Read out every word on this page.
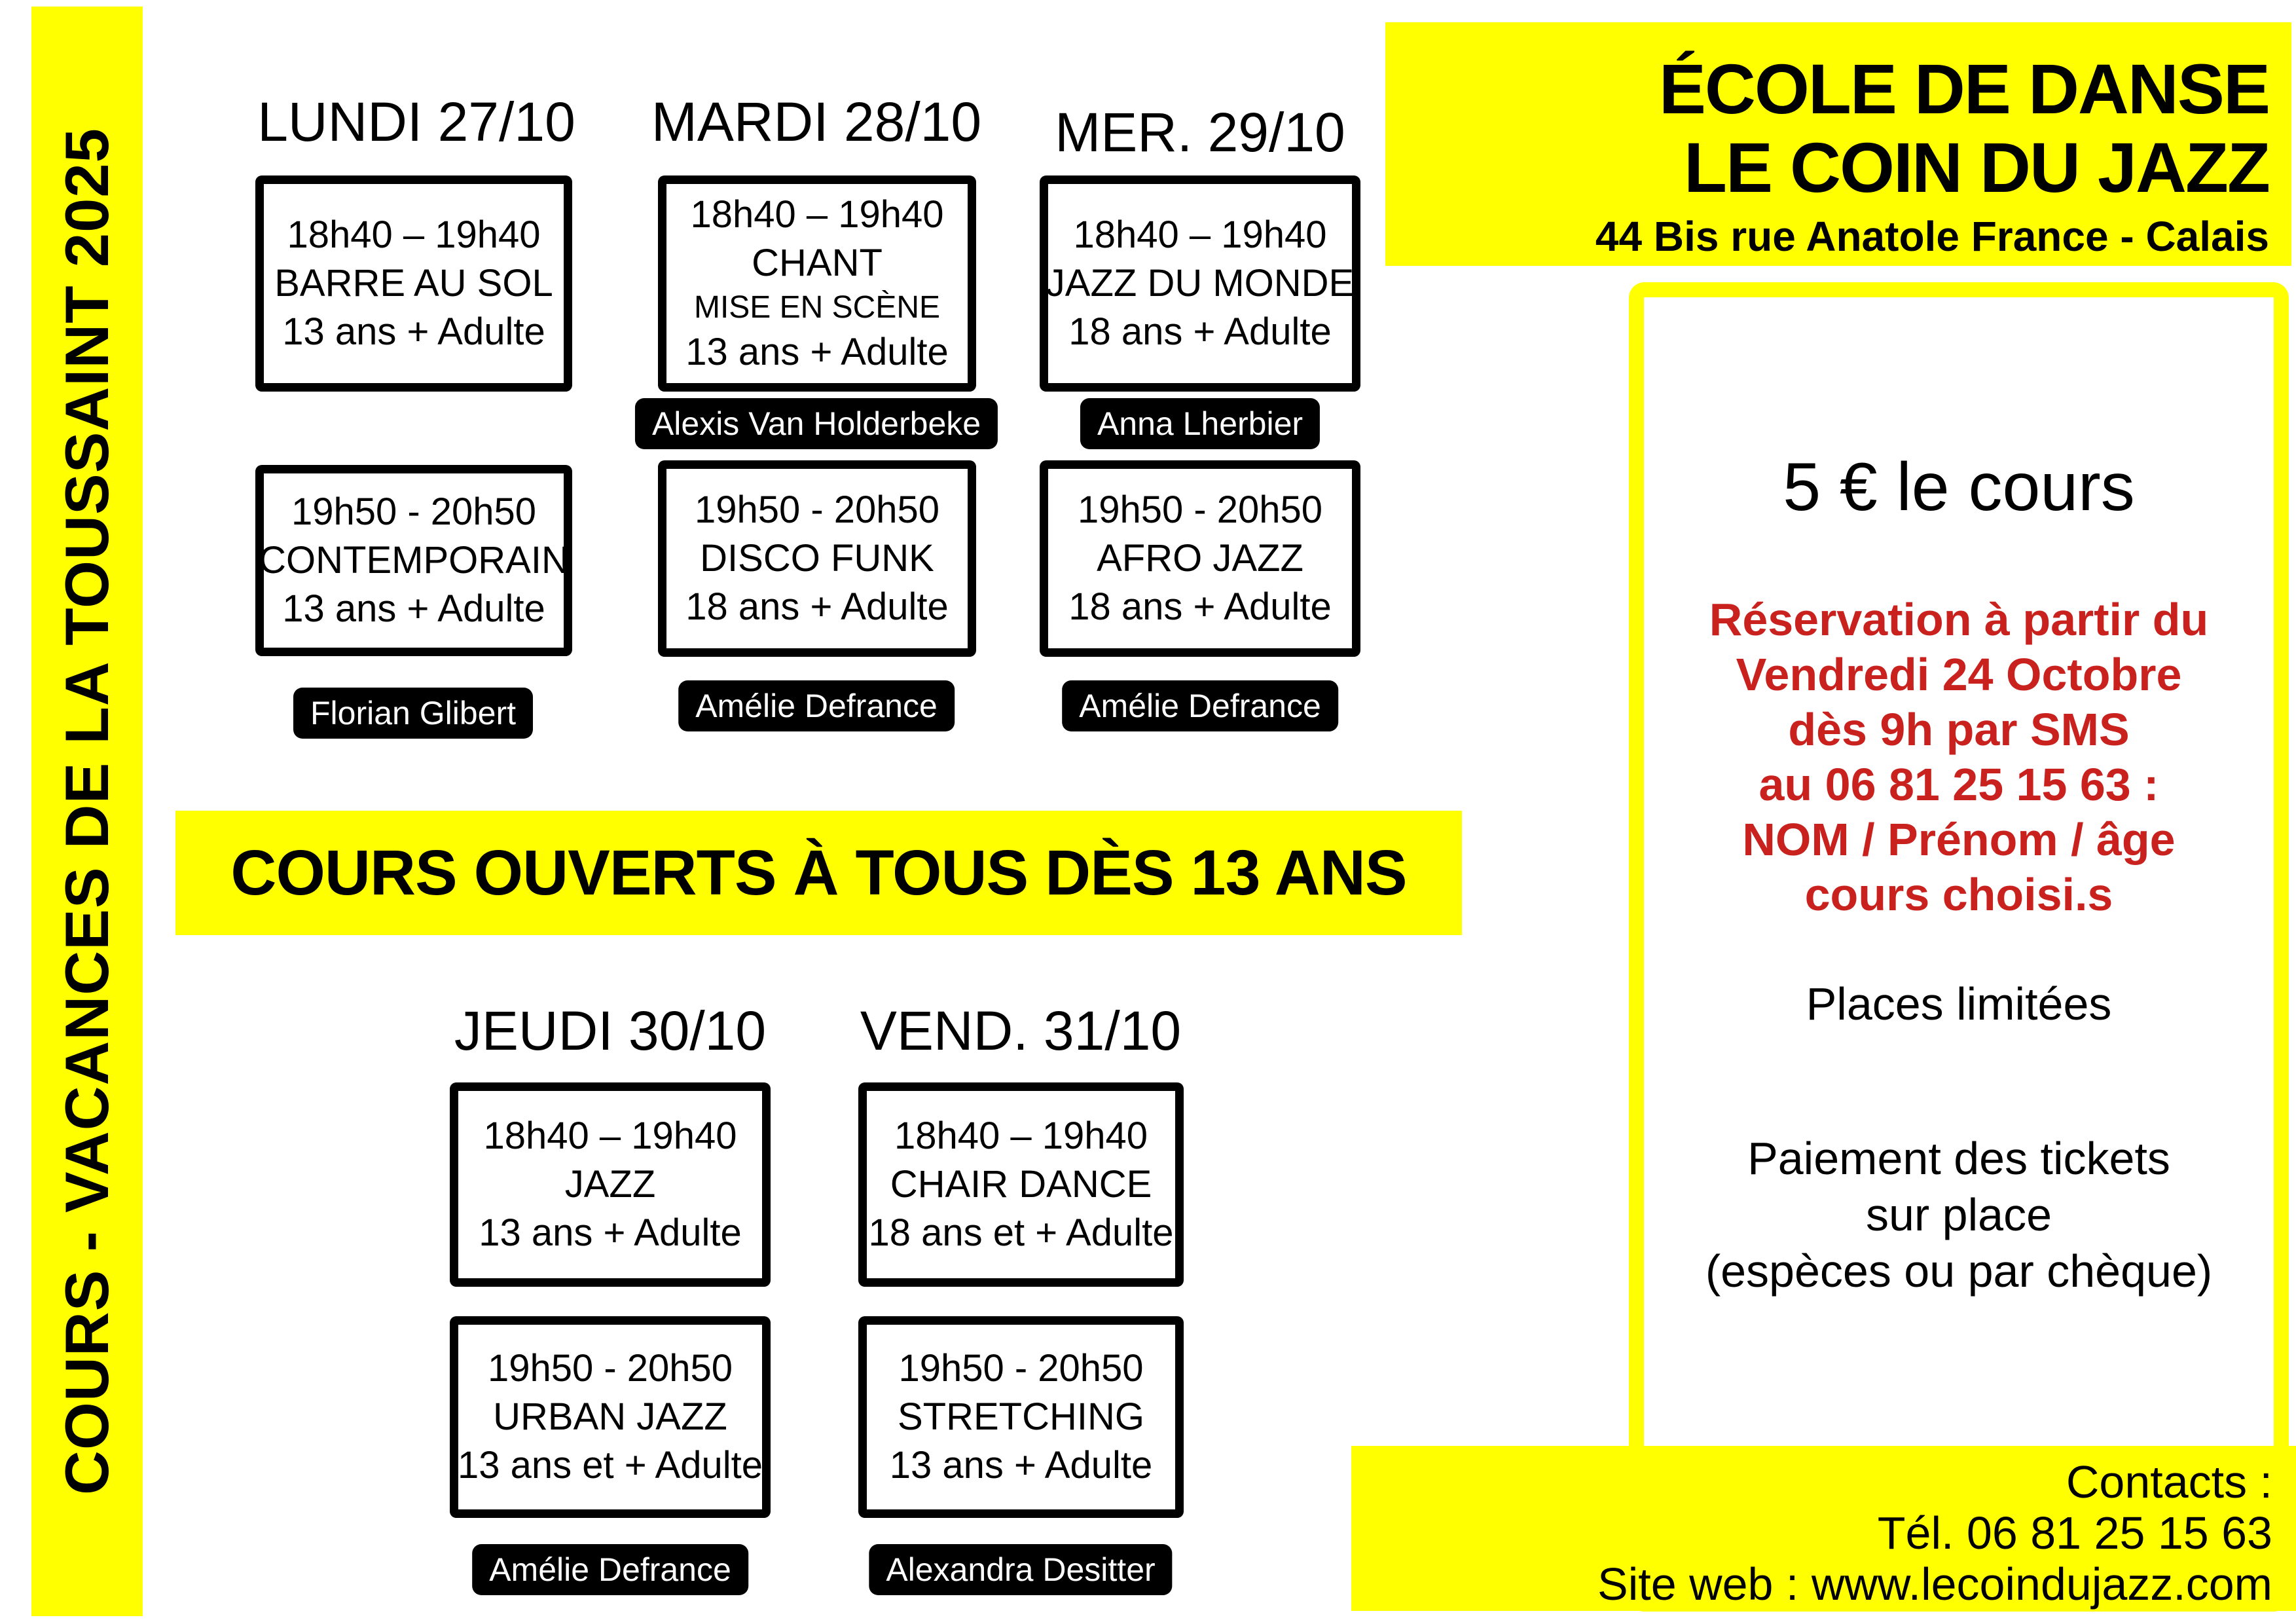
COURS - VACANCES DE LA TOUSSAINT 2025
ÉCOLE DE DANSE
LE COIN DU JAZZ
44 Bis rue Anatole France - Calais
LUNDI 27/10 MARDI 28/10 MER. 29/10
JEUDI 30/10 VEND. 31/10
18h40 – 19h40
BARRE AU SOL
13 ans + Adulte
18h40 – 19h40
CHANT
MISE EN SCÈNE
13 ans + Adulte
18h40 – 19h40
JAZZ DU MONDE
18 ans + Adulte
Alexis Van Holderbeke	Anna Lherbier
19h50 - 20h50
CONTEMPORAIN
13 ans + Adulte
19h50 - 20h50
DISCO FUNK
18 ans + Adulte
19h50 - 20h50
AFRO JAZZ
18 ans + Adulte
Florian Glibert	Amélie Defrance	Amélie Defrance
COURS OUVERTS À TOUS DÈS 13 ANS
18h40 – 19h40
JAZZ
13 ans + Adulte
18h40 – 19h40
CHAIR DANCE
18 ans et + Adulte
19h50 - 20h50
URBAN JAZZ
13 ans et + Adulte
19h50 - 20h50
STRETCHING
13 ans + Adulte
Amélie Defrance	Alexandra Desitter
5 € le cours
Réservation à partir du
Vendredi 24 Octobre
dès 9h par SMS
au 06 81 25 15 63 :
NOM / Prénom / âge
cours choisi.s
Places limitées
Paiement des tickets
sur place
(espèces ou par chèque)
Contacts :
Tél. 06 81 25 15 63
Site web : www.lecoindujazz.com
